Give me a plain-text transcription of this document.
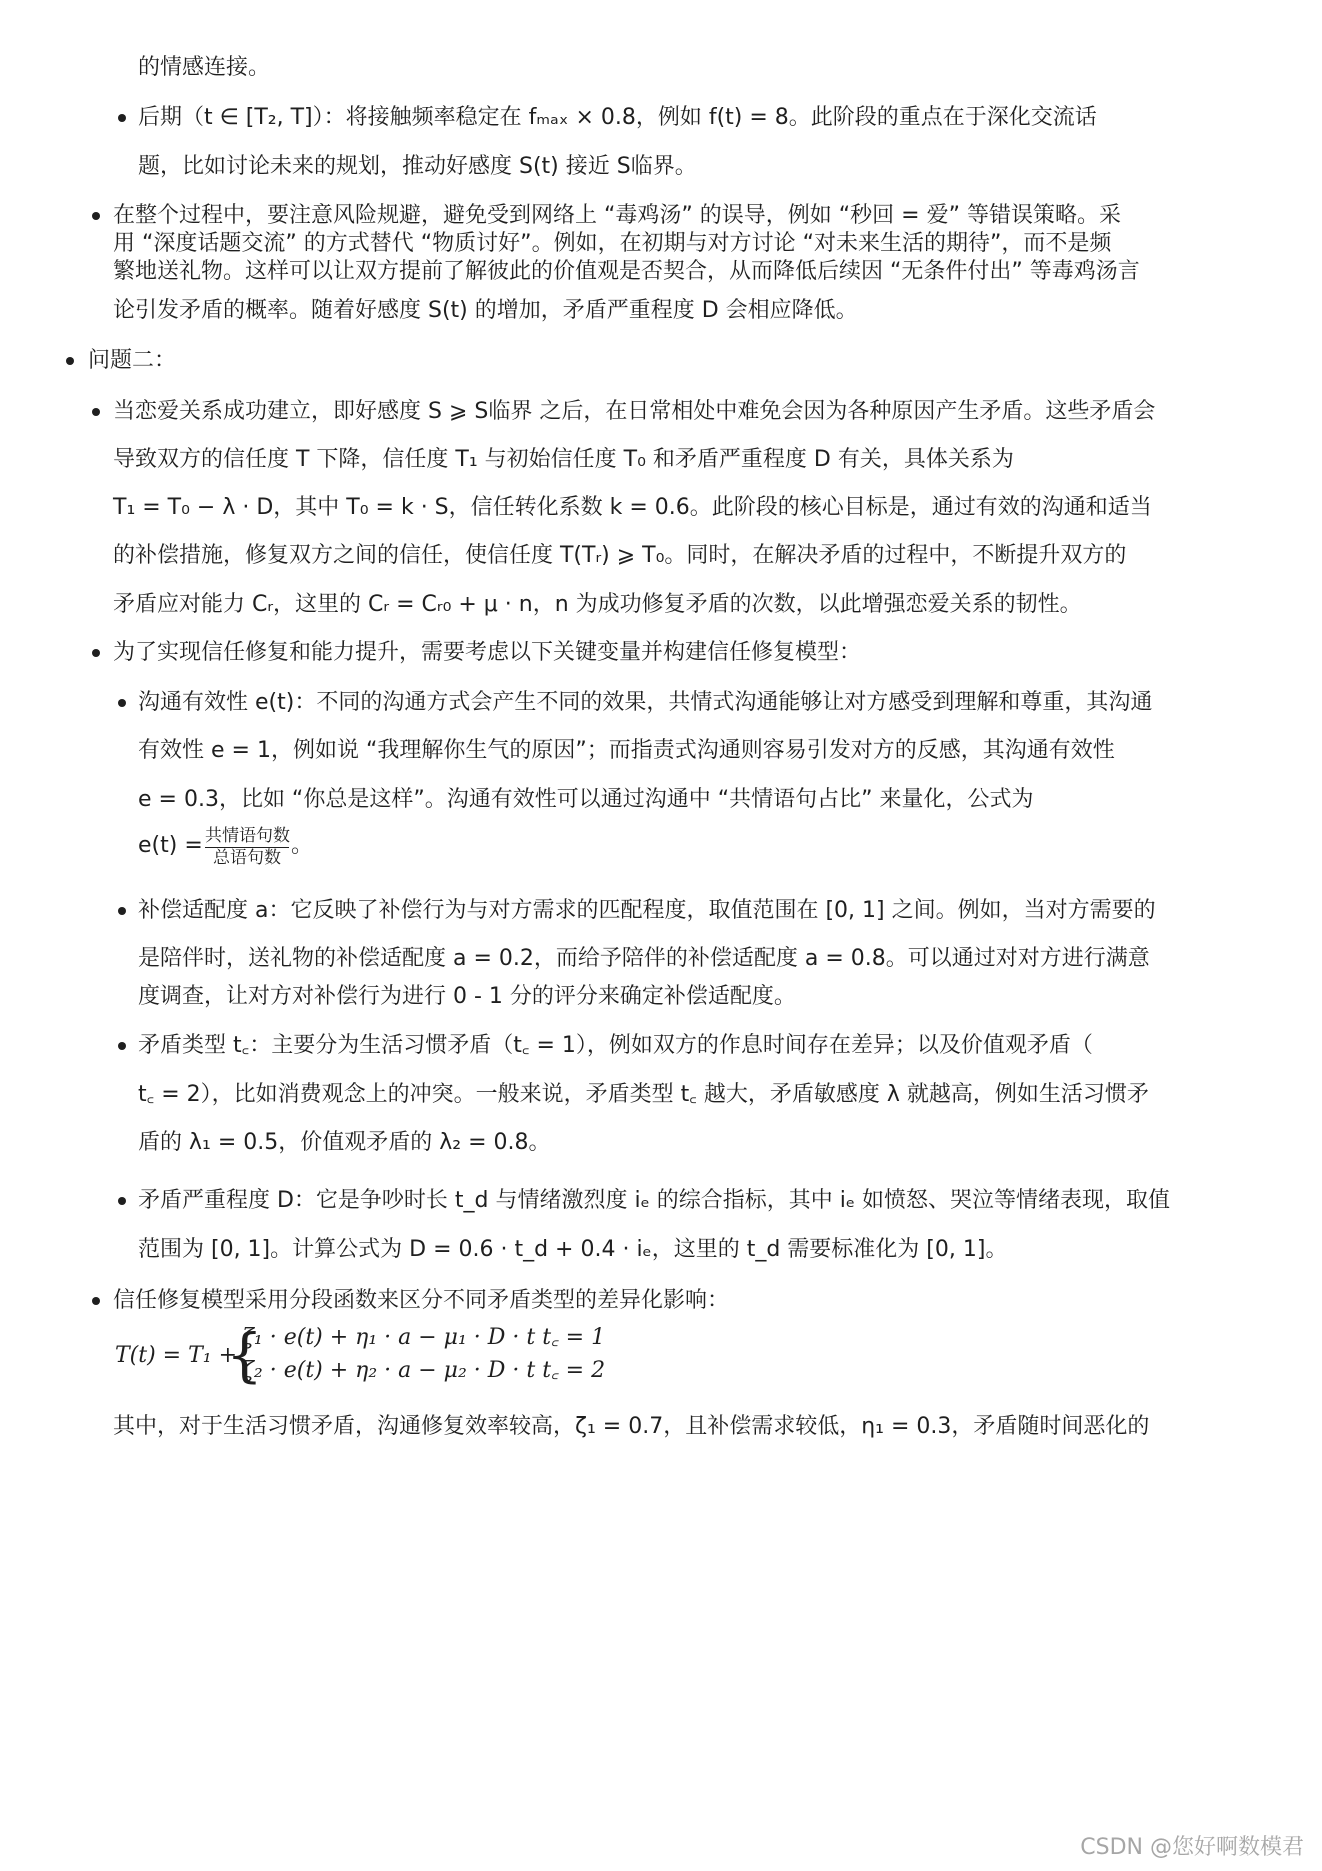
的情感连接。
后期（t ∈ [T₂, T]）：将接触频率稳定在 fₘₐₓ × 0.8，例如 f(t) = 8。此阶段的重点在于深化交流话
题，比如讨论未来的规划，推动好感度 S(t) 接近 S临界。
在整个过程中，要注意风险规避，避免受到网络上 “毒鸡汤” 的误导，例如 “秒回 = 爱” 等错误策略。采
用 “深度话题交流” 的方式替代 “物质讨好”。例如，在初期与对方讨论 “对未来生活的期待”，而不是频
繁地送礼物。这样可以让双方提前了解彼此的价值观是否契合，从而降低后续因 “无条件付出” 等毒鸡汤言
论引发矛盾的概率。随着好感度 S(t) 的增加，矛盾严重程度 D 会相应降低。
问题二：
当恋爱关系成功建立，即好感度 S ⩾ S临界 之后，在日常相处中难免会因为各种原因产生矛盾。这些矛盾会
导致双方的信任度 T 下降，信任度 T₁ 与初始信任度 T₀ 和矛盾严重程度 D 有关，具体关系为
T₁ = T₀ − λ · D，其中 T₀ = k · S，信任转化系数 k = 0.6。此阶段的核心目标是，通过有效的沟通和适当
的补偿措施，修复双方之间的信任，使信任度 T(Tᵣ) ⩾ T₀。同时，在解决矛盾的过程中，不断提升双方的
矛盾应对能力 Cᵣ，这里的 Cᵣ = Cᵣ₀ + μ · n，n 为成功修复矛盾的次数，以此增强恋爱关系的韧性。
为了实现信任修复和能力提升，需要考虑以下关键变量并构建信任修复模型：
沟通有效性 e(t)：不同的沟通方式会产生不同的效果，共情式沟通能够让对方感受到理解和尊重，其沟通
有效性 e = 1，例如说 “我理解你生气的原因”；而指责式沟通则容易引发对方的反感，其沟通有效性
e = 0.3，比如 “你总是这样”。沟通有效性可以通过沟通中 “共情语句占比” 来量化，公式为
e(t) = 共情语句数
总语句数 。
补偿适配度 a：它反映了补偿行为与对方需求的匹配程度，取值范围在 [0, 1] 之间。例如，当对方需要的
是陪伴时，送礼物的补偿适配度 a = 0.2，而给予陪伴的补偿适配度 a = 0.8。可以通过对对方进行满意
度调查，让对方对补偿行为进行 0 - 1 分的评分来确定补偿适配度。
矛盾类型 t꜀：主要分为生活习惯矛盾（t꜀ = 1），例如双方的作息时间存在差异；以及价值观矛盾（
t꜀ = 2），比如消费观念上的冲突。一般来说，矛盾类型 t꜀ 越大，矛盾敏感度 λ 就越高，例如生活习惯矛
盾的 λ₁ = 0.5，价值观矛盾的 λ₂ = 0.8。
矛盾严重程度 D：它是争吵时长 t_d 与情绪激烈度 iₑ 的综合指标，其中 iₑ 如愤怒、哭泣等情绪表现，取值
范围为 [0, 1]。计算公式为 D = 0.6 · t_d + 0.4 · iₑ，这里的 t_d 需要标准化为 [0, 1]。
信任修复模型采用分段函数来区分不同矛盾类型的差异化影响：
T(t) = T₁ +
{
ζ₁ · e(t) + η₁ · a − μ₁ · D · t t꜀ = 1
ζ₂ · e(t) + η₂ · a − μ₂ · D · t t꜀ = 2
其中，对于生活习惯矛盾，沟通修复效率较高，ζ₁ = 0.7，且补偿需求较低，η₁ = 0.3，矛盾随时间恶化的
CSDN @您好啊数模君
